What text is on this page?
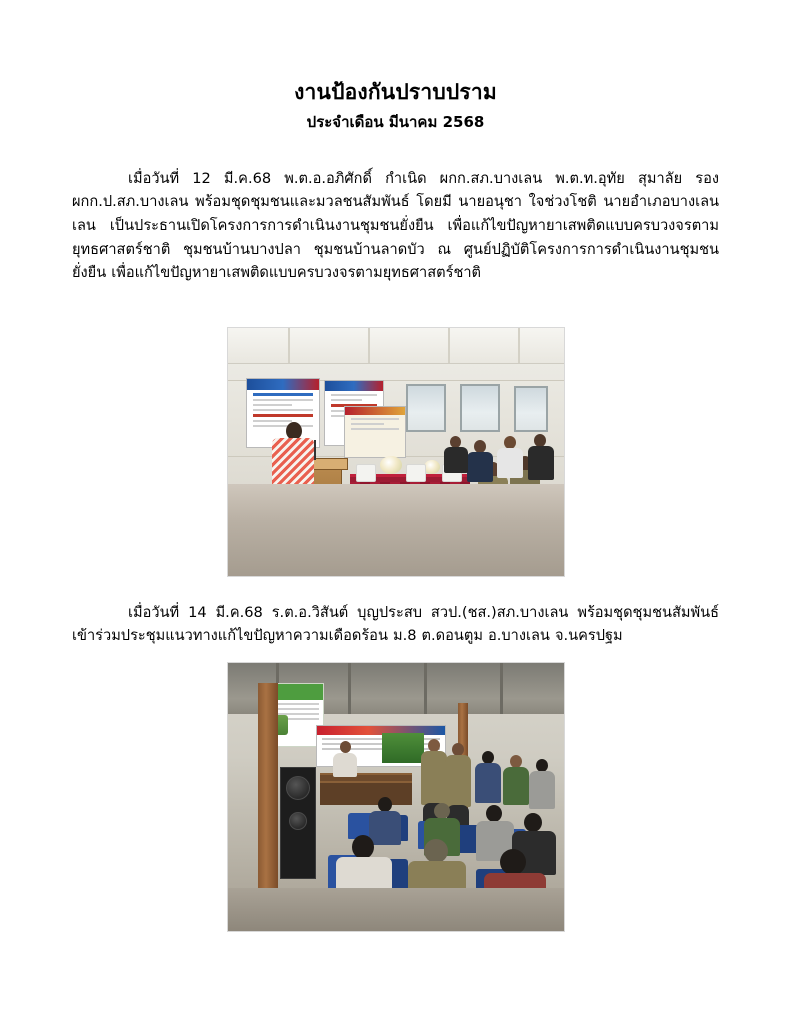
งานป้องกันปราบปราม
ประจำเดือน มีนาคม 2568

เมื่อวันที่ 12 มี.ค.68 พ.ต.อ.อภิศักดิ์ กำเนิด ผกก.สภ.บางเลน พ.ต.ท.อุทัย สุมาลัย รอง ผกก.ป.สภ.บางเลน พร้อมชุดชุมชนและมวลชนสัมพันธ์ โดยมี นายอนุชา ใจช่วงโชติ นายอำเภอบางเลนเลน เป็นประธานเปิดโครงการการดำเนินงานชุมชนยั่งยืน เพื่อแก้ไขปัญหายาเสพติดแบบครบวงจรตามยุทธศาสตร์ชาติ ชุมชนบ้านบางปลา ชุมชนบ้านลาดบัว ณ ศูนย์ปฏิบัติโครงการการดำเนินงานชุมชนยั่งยืน เพื่อแก้ไขปัญหายาเสพติดแบบครบวงจรตามยุทธศาสตร์ชาติ

เมื่อวันที่ 14 มี.ค.68 ร.ต.อ.วิสันต์ บุญประสบ สวป.(ชส.)สภ.บางเลน พร้อมชุดชุมชนสัมพันธ์ เข้าร่วมประชุมแนวทางแก้ไขปัญหาความเดือดร้อน ม.8 ต.ดอนตูม อ.บางเลน จ.นครปฐม
